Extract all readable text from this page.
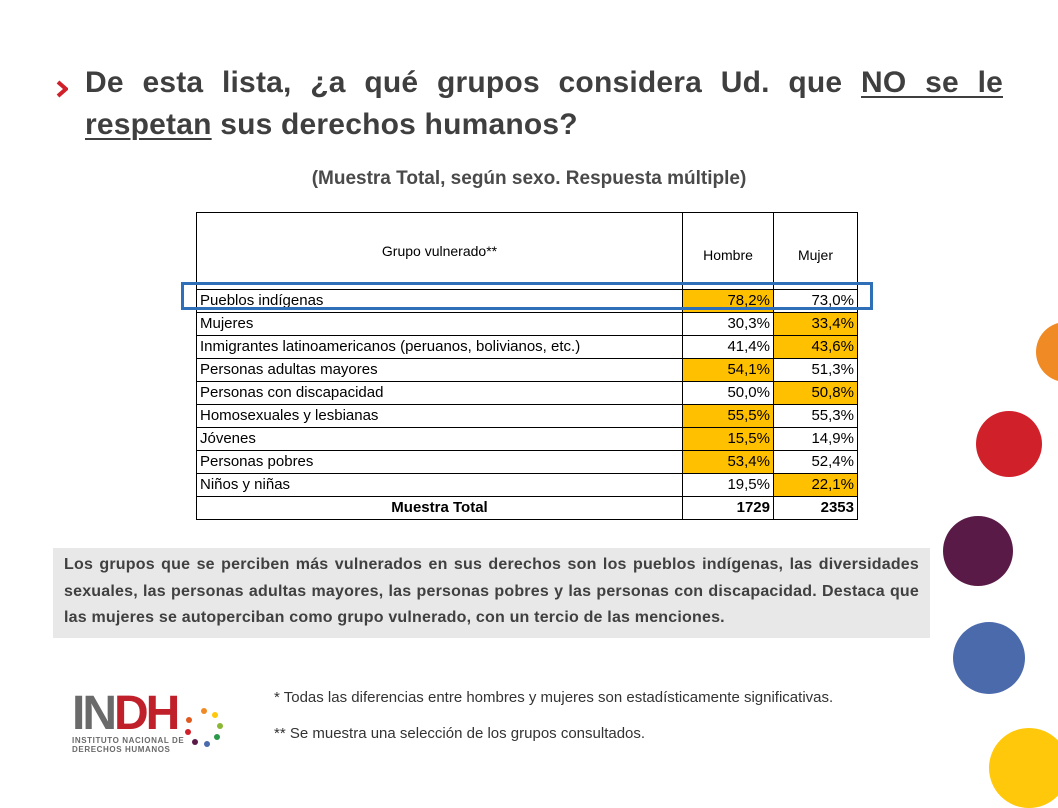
De esta lista, ¿a qué grupos considera Ud. que NO se le respetan sus derechos humanos?
(Muestra Total, según sexo. Respuesta múltiple)
Grupo vulnerado**	Hombre	Mujer
Pueblos indígenas	78,2%	73,0%
Mujeres	30,3%	33,4%
Inmigrantes latinoamericanos (peruanos, bolivianos, etc.)	41,4%	43,6%
Personas adultas mayores	54,1%	51,3%
Personas con discapacidad	50,0%	50,8%
Homosexuales y lesbianas	55,5%	55,3%
Jóvenes	15,5%	14,9%
Personas pobres	53,4%	52,4%
Niños y niñas	19,5%	22,1%
Muestra Total	1729	2353
Los grupos que se perciben más vulnerados en sus derechos son los pueblos indígenas, las diversidades sexuales, las personas adultas mayores, las personas pobres y las personas con discapacidad. Destaca que las mujeres se autoperciban como grupo vulnerado, con un tercio de las menciones.
INDH
INSTITUTO NACIONAL DE
DERECHOS HUMANOS
* Todas las diferencias entre hombres y mujeres son estadísticamente significativas.
** Se muestra una selección de los grupos consultados.
